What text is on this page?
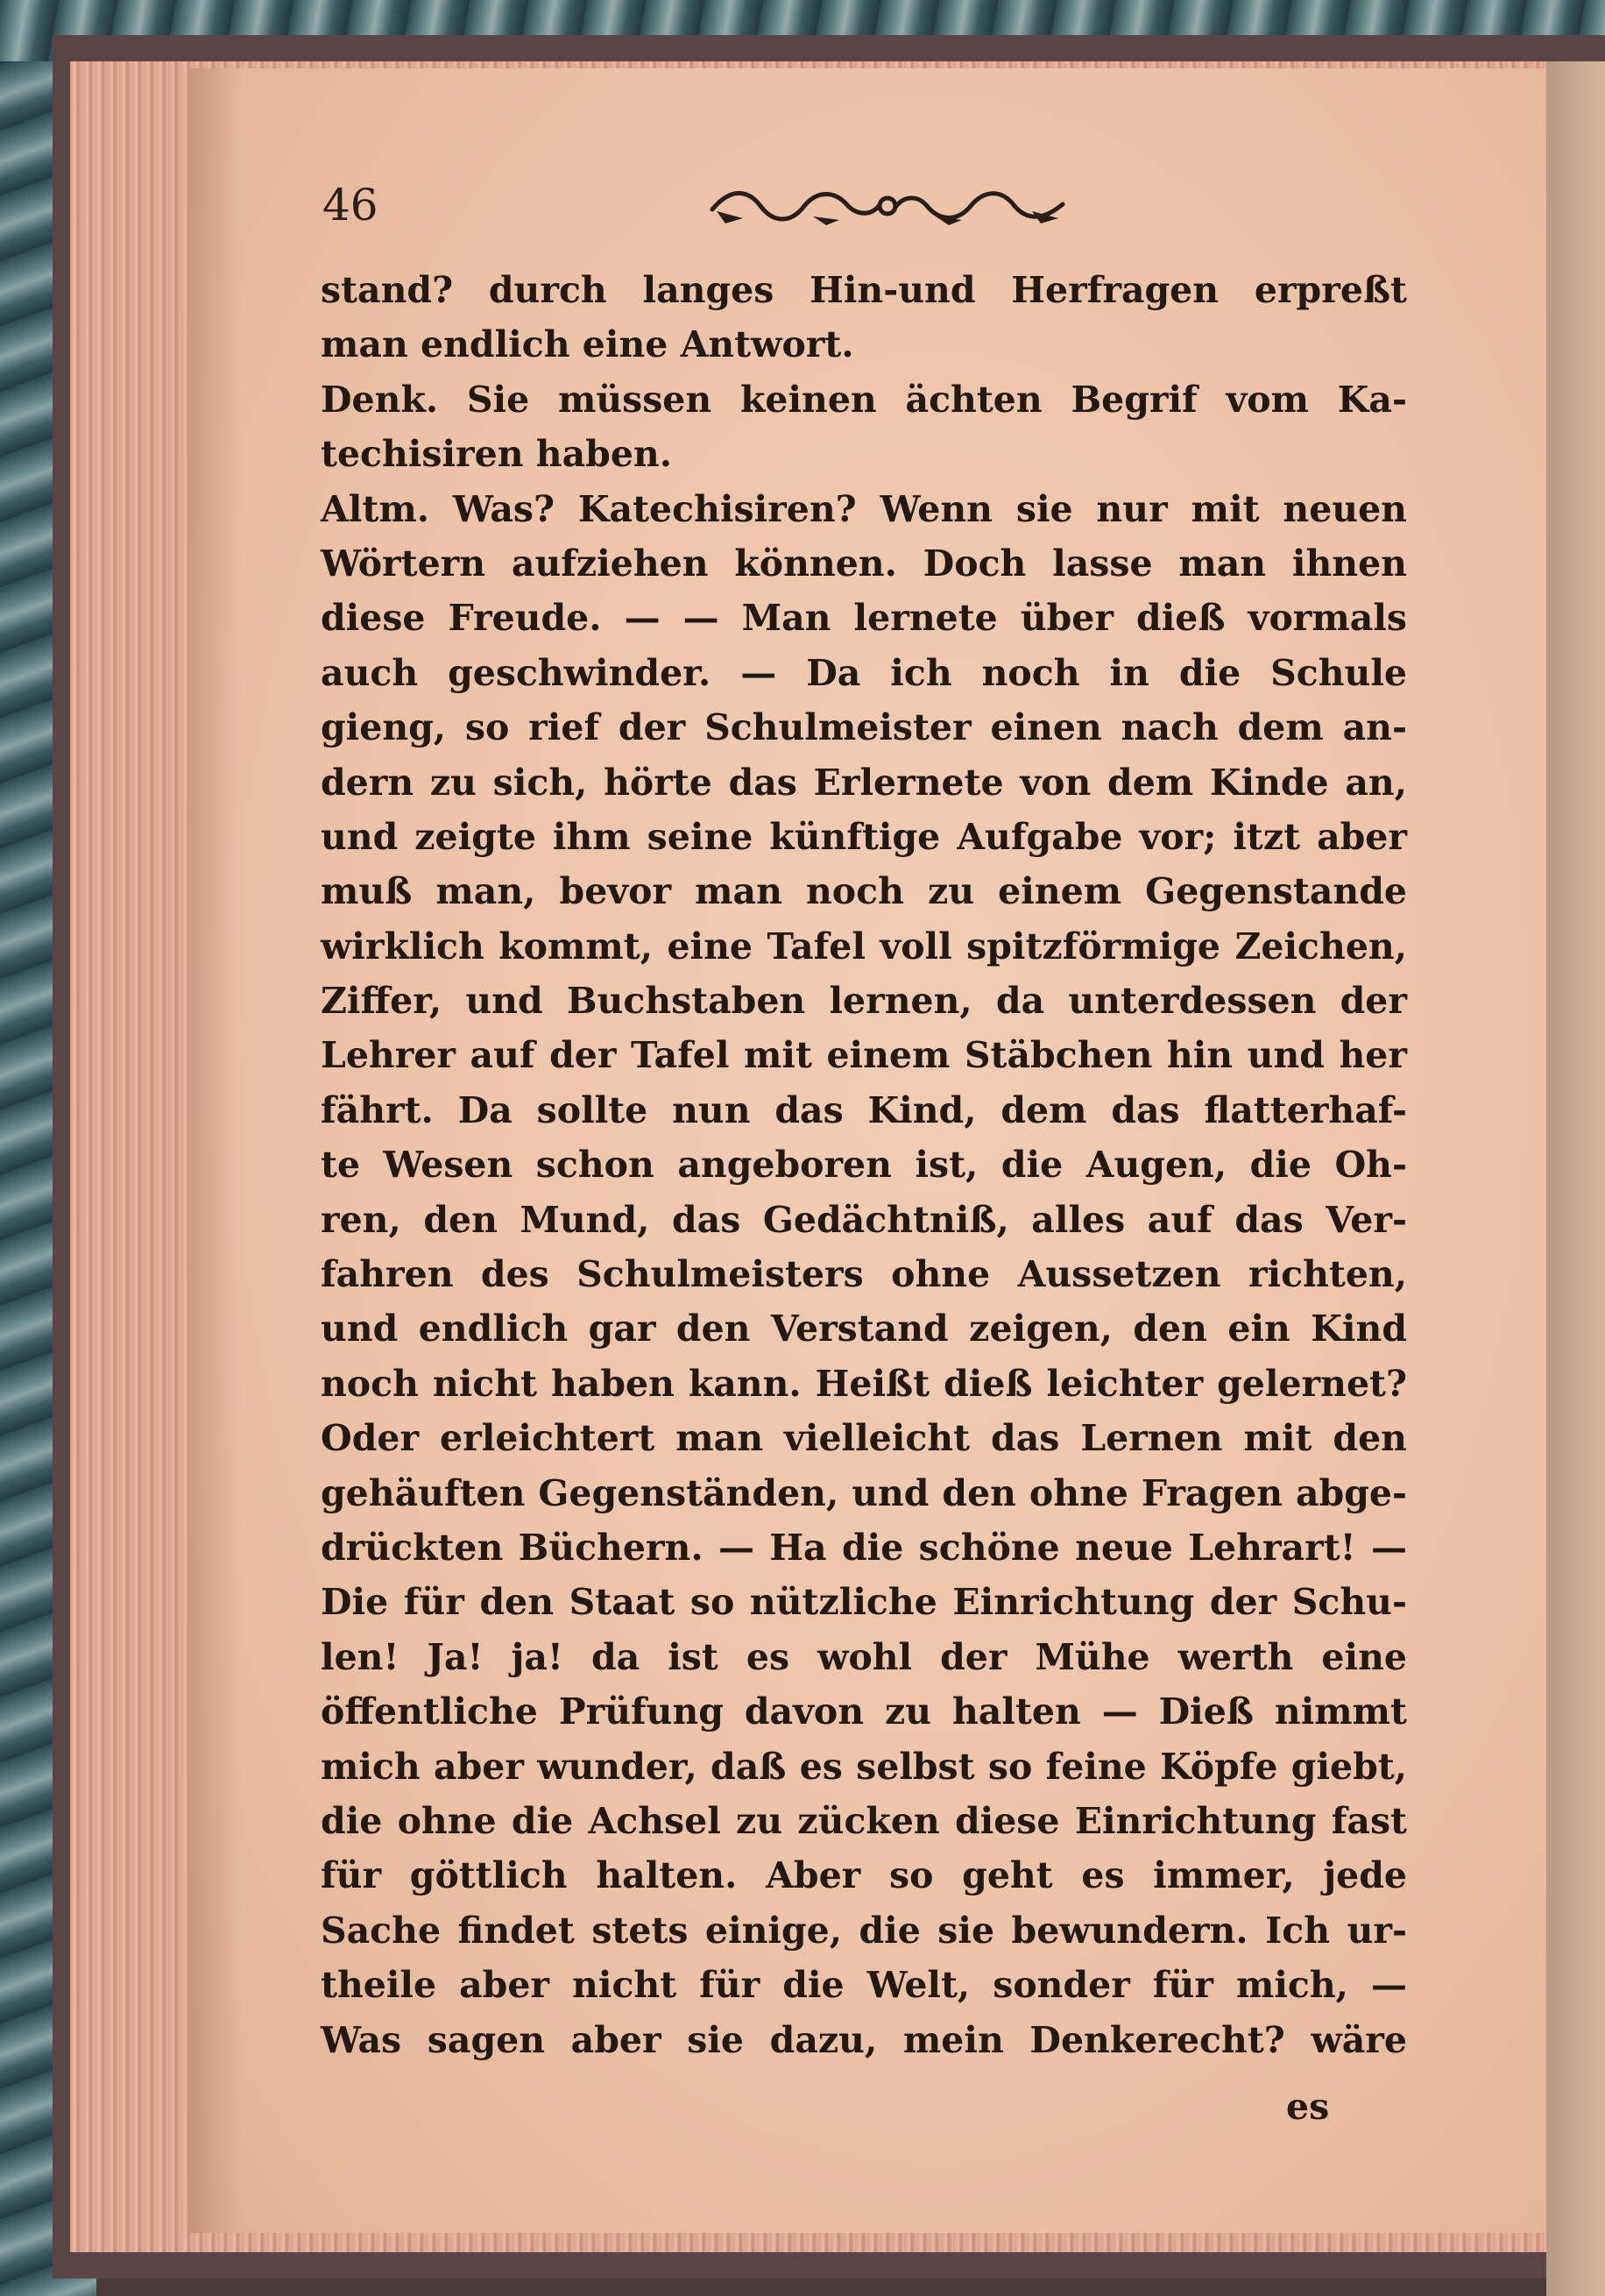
46
stand? durch langes Hin-und Herfragen erpreßt
man endlich eine Antwort.
Denk. Sie müssen keinen ächten Begrif vom Ka-
techisiren haben.
Altm. Was? Katechisiren? Wenn sie nur mit neuen
Wörtern aufziehen können. Doch lasse man ihnen
diese Freude. — — Man lernete über dieß vormals
auch geschwinder. — Da ich noch in die Schule
gieng, so rief der Schulmeister einen nach dem an-
dern zu sich, hörte das Erlernete von dem Kinde an,
und zeigte ihm seine künftige Aufgabe vor; itzt aber
muß man, bevor man noch zu einem Gegenstande
wirklich kommt, eine Tafel voll spitzförmige Zeichen,
Ziffer, und Buchstaben lernen, da unterdessen der
Lehrer auf der Tafel mit einem Stäbchen hin und her
fährt. Da sollte nun das Kind, dem das flatterhaf-
te Wesen schon angeboren ist, die Augen, die Oh-
ren, den Mund, das Gedächtniß, alles auf das Ver-
fahren des Schulmeisters ohne Aussetzen richten,
und endlich gar den Verstand zeigen, den ein Kind
noch nicht haben kann. Heißt dieß leichter gelernet?
Oder erleichtert man vielleicht das Lernen mit den
gehäuften Gegenständen, und den ohne Fragen abge-
drückten Büchern. — Ha die schöne neue Lehrart! —
Die für den Staat so nützliche Einrichtung der Schu-
len! Ja! ja! da ist es wohl der Mühe werth eine
öffentliche Prüfung davon zu halten — Dieß nimmt
mich aber wunder, daß es selbst so feine Köpfe giebt,
die ohne die Achsel zu zücken diese Einrichtung fast
für göttlich halten. Aber so geht es immer, jede
Sache findet stets einige, die sie bewundern. Ich ur-
theile aber nicht für die Welt, sonder für mich, —
Was sagen aber sie dazu, mein Denkerecht? wäre
es
